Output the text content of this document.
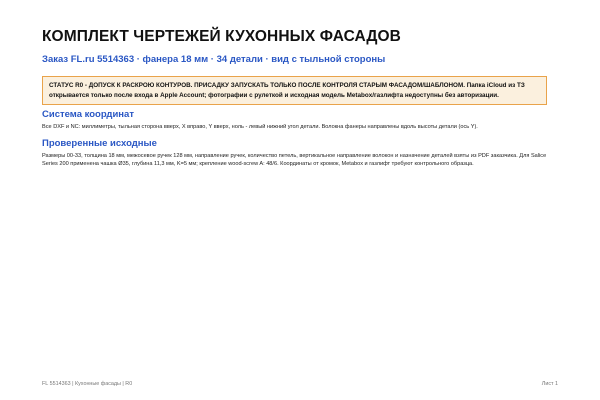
КОМПЛЕКТ ЧЕРТЕЖЕЙ КУХОННЫХ ФАСАДОВ
Заказ FL.ru 5514363 · фанера 18 мм · 34 детали · вид с тыльной стороны
СТАТУС R0 - ДОПУСК К РАСКРОЮ КОНТУРОВ. ПРИСАДКУ ЗАПУСКАТЬ ТОЛЬКО ПОСЛЕ КОНТРОЛЯ СТАРЫМ ФАСАДОМ/ШАБЛОНОМ. Папка iCloud из ТЗ открывается только после входа в Apple Account; фотографии с рулеткой и исходная модель Metabox/газлифта недоступны без авторизации.
Система координат
Все DXF и NC: миллиметры, тыльная сторона вверх, X вправо, Y вверх, ноль - левый нижний угол детали. Волокна фанеры направлены вдоль высоты детали (ось Y).
Проверенные исходные
Размеры 00-33, толщина 18 мм, межосевое ручек 128 мм, направление ручек, количество петель, вертикальное направление волокон и назначение деталей взяты из PDF заказчика. Для Salice Series 200 применена чашка Ø35, глубина 11,3 мм, K=5 мм; крепление wood-screw A: 48/6. Координаты от кромок, Metabox и газлифт требуют контрольного образца.
FL 5514363 | Кухонные фасады | R0	Лист 1
